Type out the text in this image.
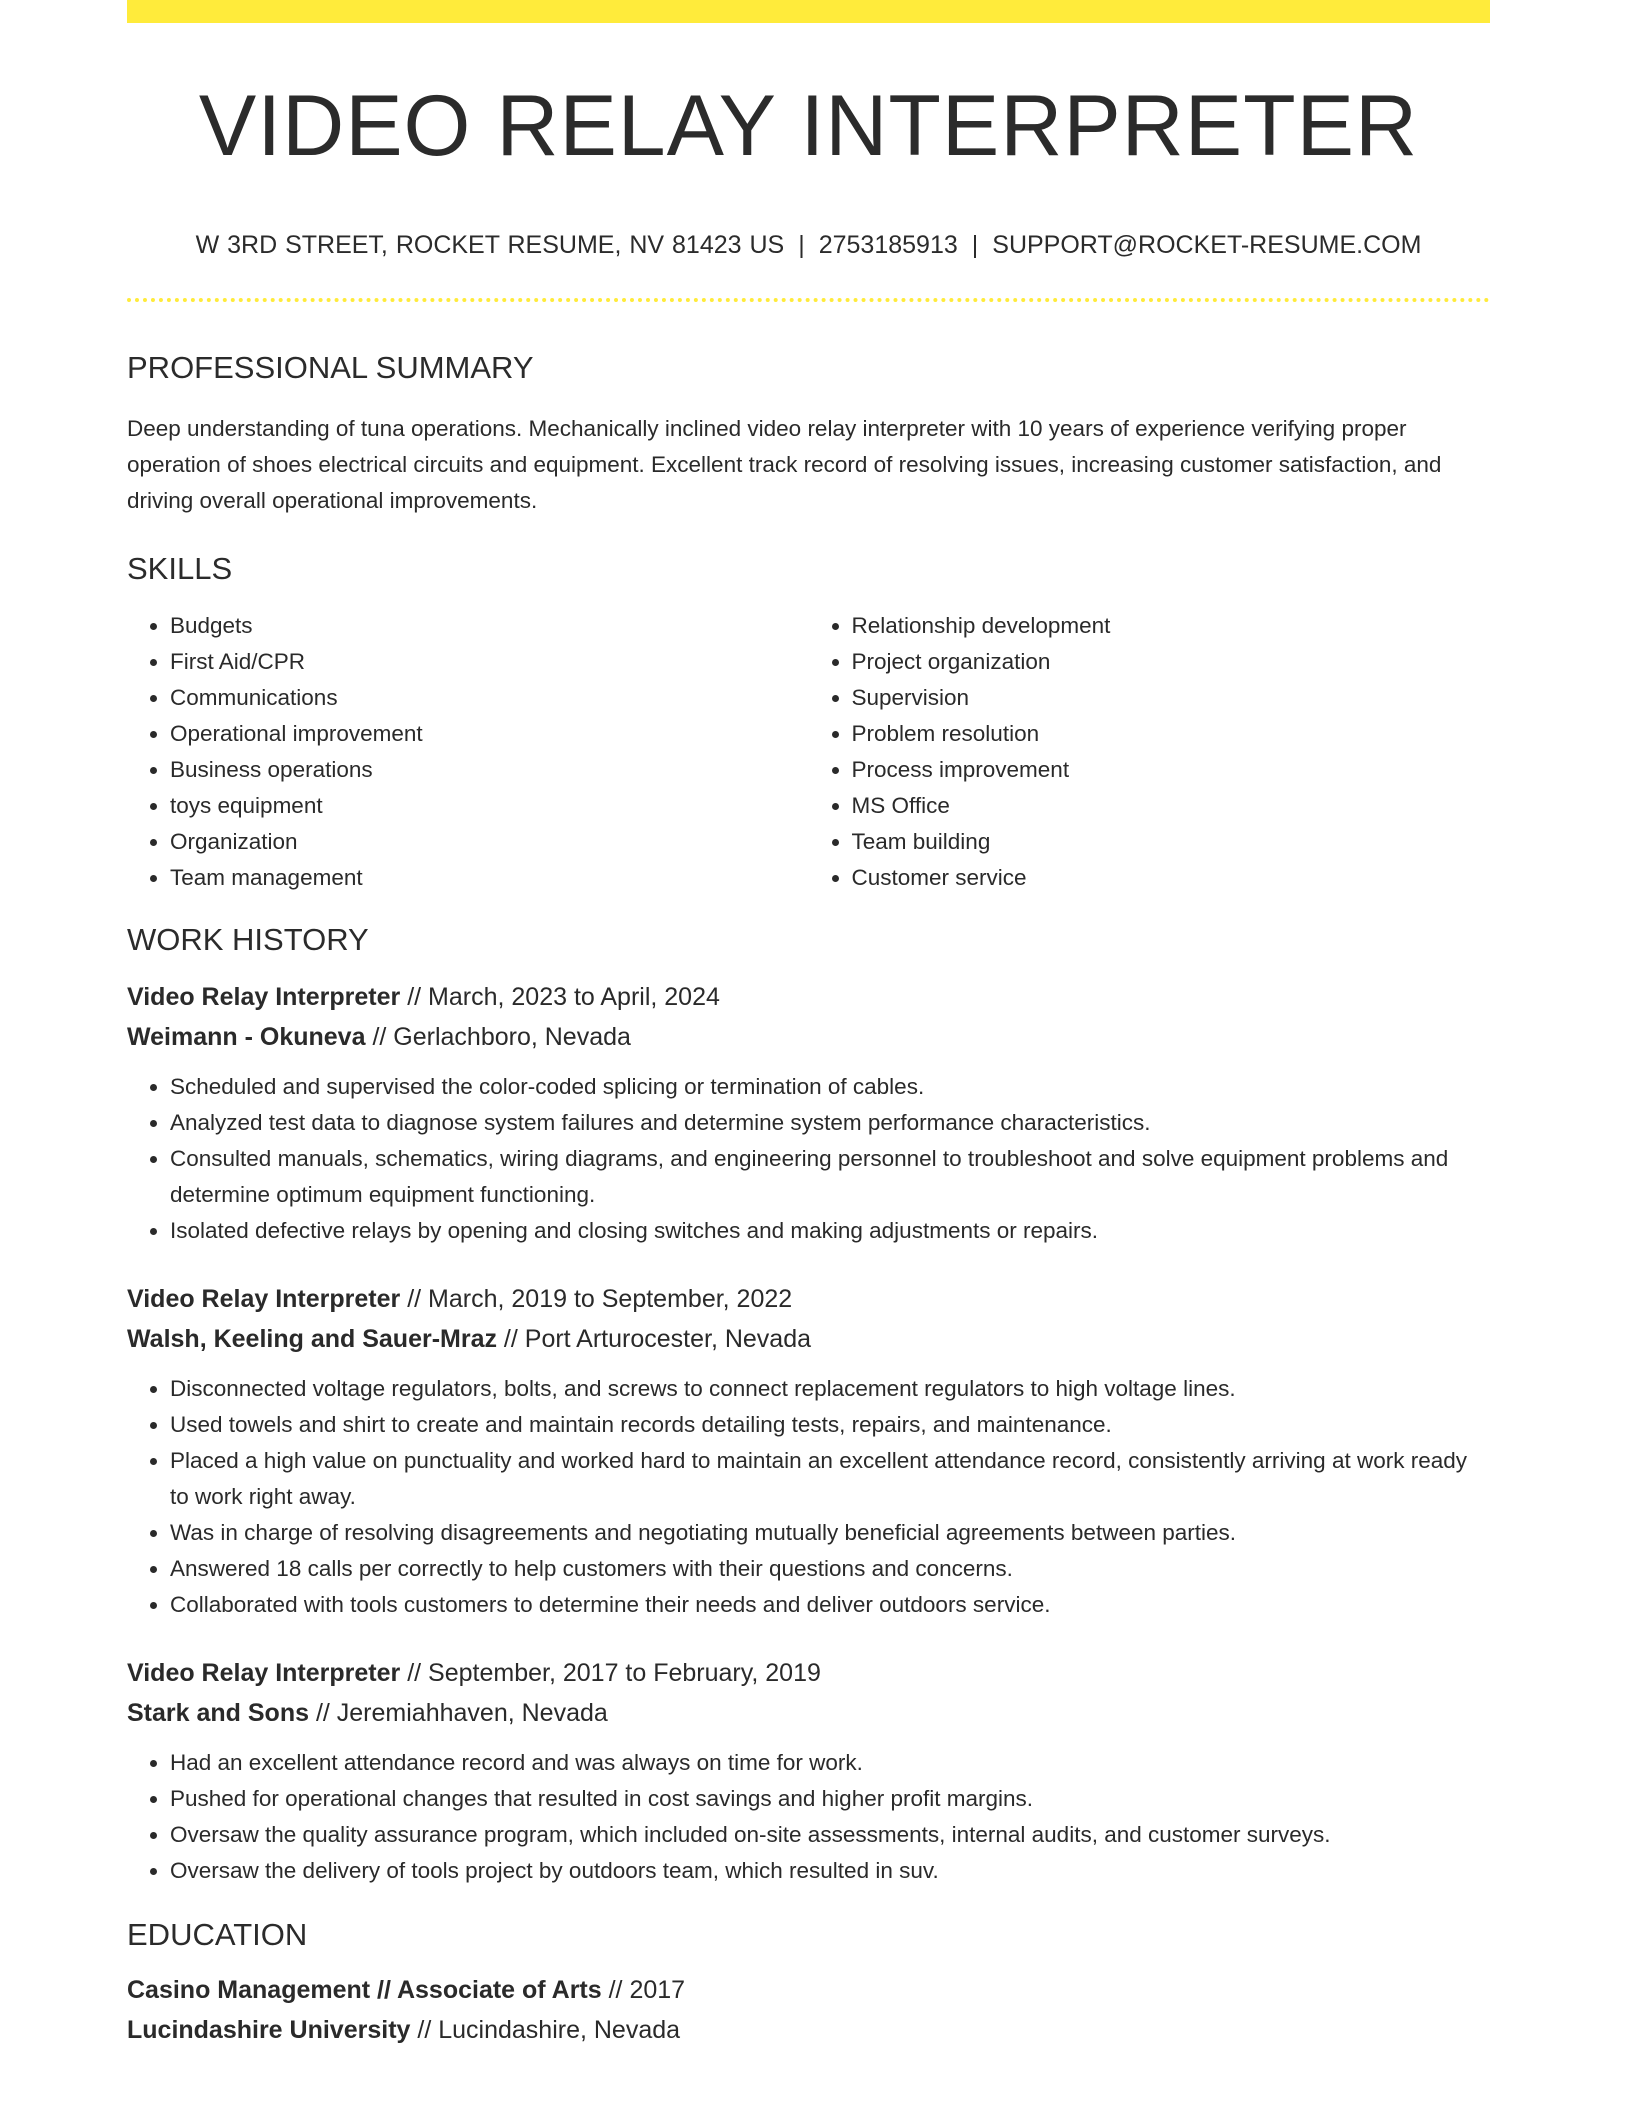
VIDEO RELAY INTERPRETER
W 3RD STREET, ROCKET RESUME, NV 81423 US | 2753185913 | SUPPORT@ROCKET-RESUME.COM
PROFESSIONAL SUMMARY

Deep understanding of tuna operations. Mechanically inclined video relay interpreter with 10 years of experience verifying proper operation of shoes electrical circuits and equipment. Excellent track record of resolving issues, increasing customer satisfaction, and driving overall operational improvements.

SKILLS
• Budgets
• First Aid/CPR
• Communications
• Operational improvement
• Business operations
• toys equipment
• Organization
• Team management
• Relationship development
• Project organization
• Supervision
• Problem resolution
• Process improvement
• MS Office
• Team building
• Customer service
WORK HISTORY
Video Relay Interpreter // March, 2023 to April, 2024
Weimann - Okuneva // Gerlachboro, Nevada
• Scheduled and supervised the color-coded splicing or termination of cables.
• Analyzed test data to diagnose system failures and determine system performance characteristics.
• Consulted manuals, schematics, wiring diagrams, and engineering personnel to troubleshoot and solve equipment problems and determine optimum equipment functioning.
• Isolated defective relays by opening and closing switches and making adjustments or repairs.
Video Relay Interpreter // March, 2019 to September, 2022
Walsh, Keeling and Sauer-Mraz // Port Arturocester, Nevada
• Disconnected voltage regulators, bolts, and screws to connect replacement regulators to high voltage lines.
• Used towels and shirt to create and maintain records detailing tests, repairs, and maintenance.
• Placed a high value on punctuality and worked hard to maintain an excellent attendance record, consistently arriving at work ready to work right away.
• Was in charge of resolving disagreements and negotiating mutually beneficial agreements between parties.
• Answered 18 calls per correctly to help customers with their questions and concerns.
• Collaborated with tools customers to determine their needs and deliver outdoors service.
Video Relay Interpreter // September, 2017 to February, 2019
Stark and Sons // Jeremiahhaven, Nevada
• Had an excellent attendance record and was always on time for work.
• Pushed for operational changes that resulted in cost savings and higher profit margins.
• Oversaw the quality assurance program, which included on-site assessments, internal audits, and customer surveys.
• Oversaw the delivery of tools project by outdoors team, which resulted in suv.
EDUCATION
Casino Management // Associate of Arts // 2017
Lucindashire University // Lucindashire, Nevada
